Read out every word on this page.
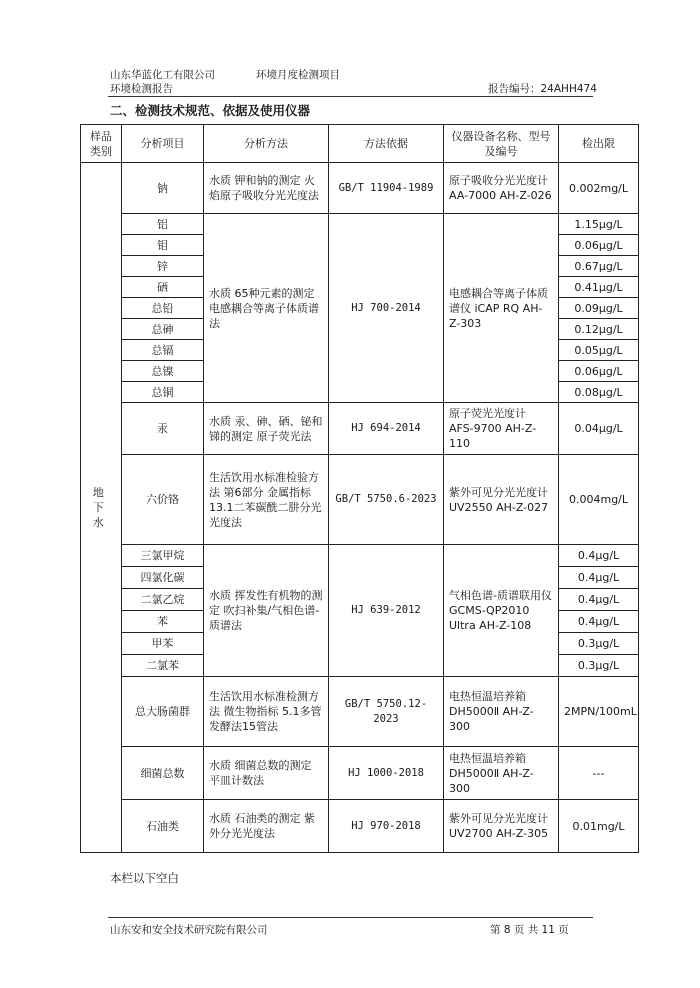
山东华蓝化工有限公司	环境月度检测项目
环境检测报告	报告编号：24AHH474
二、检测技术规范、依据及使用仪器
样品类别	分析项目	分析方法	方法依据	仪器设备名称、型号及编号	检出限
地下水	钠	水质 钾和钠的测定 火焰原子吸收分光光度法	GB/T 11904-1989	原子吸收分光光度计 AA-7000 AH-Z-026	0.002mg/L
	铝	水质 65种元素的测定 电感耦合等离子体质谱法	HJ 700-2014	电感耦合等离子体质谱仪 iCAP RQ AH-Z-303	1.15μg/L
	钼				0.06μg/L
	锌				0.67μg/L
	硒				0.41μg/L
	总铅				0.09μg/L
	总砷				0.12μg/L
	总镉				0.05μg/L
	总镍				0.06μg/L
	总铜				0.08μg/L
	汞	水质 汞、砷、硒、铋和锑的测定 原子荧光法	HJ 694-2014	原子荧光光度计 AFS-9700 AH-Z-110	0.04μg/L
	六价铬	生活饮用水标准检验方法 第6部分 金属指标 13.1二苯碳酰二肼分光光度法	GB/T 5750.6-2023	紫外可见分光光度计 UV2550 AH-Z-027	0.004mg/L
	三氯甲烷	水质 挥发性有机物的测定 吹扫补集/气相色谱-质谱法	HJ 639-2012	气相色谱-质谱联用仪 GCMS-QP2010 Ultra AH-Z-108	0.4μg/L
	四氯化碳				0.4μg/L
	二氯乙烷				0.4μg/L
	苯				0.4μg/L
	甲苯				0.3μg/L
	二氯苯				0.3μg/L
	总大肠菌群	生活饮用水标准检测方法 微生物指标 5.1多管发酵法15管法	GB/T 5750.12-2023	电热恒温培养箱 DH5000Ⅱ AH-Z-300	2MPN/100mL
	细菌总数	水质 细菌总数的测定 平皿计数法	HJ 1000-2018	电热恒温培养箱 DH5000Ⅱ AH-Z-300	---
	石油类	水质 石油类的测定 紫外分光光度法	HJ 970-2018	紫外可见分光光度计 UV2700 AH-Z-305	0.01mg/L
本栏以下空白
山东安和安全技术研究院有限公司	第 8 页 共 11 页
